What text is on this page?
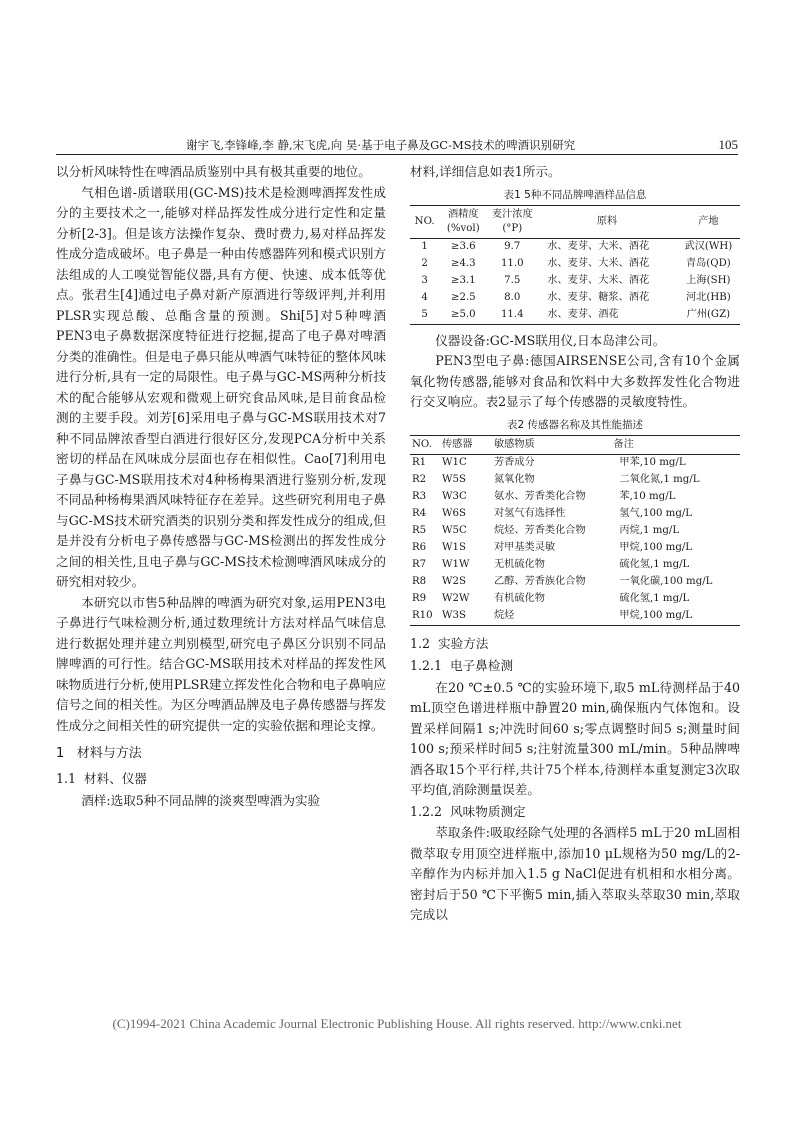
谢宇飞,李锋峰,李 静,宋飞虎,向 昊·基于电子鼻及GC-MS技术的啤酒识别研究	105

以分析风味特性在啤酒品质鉴别中具有极其重要的地位。

气相色谱-质谱联用(GC-MS)技术是检测啤酒挥发性成分的主要技术之一,能够对样品挥发性成分进行定性和定量分析[2-3]。但是该方法操作复杂、费时费力,易对样品挥发性成分造成破坏。电子鼻是一种由传感器阵列和模式识别方法组成的人工嗅觉智能仪器,具有方便、快速、成本低等优点。张君生[4]通过电子鼻对新产原酒进行等级评判,并利用PLSR实现总酸、总酯含量的预测。Shi[5]对5种啤酒PEN3电子鼻数据深度特征进行挖掘,提高了电子鼻对啤酒分类的准确性。但是电子鼻只能从啤酒气味特征的整体风味进行分析,具有一定的局限性。电子鼻与GC-MS两种分析技术的配合能够从宏观和微观上研究食品风味,是目前食品检测的主要手段。刘芳[6]采用电子鼻与GC-MS联用技术对7种不同品牌浓香型白酒进行很好区分,发现PCA分析中关系密切的样品在风味成分层面也存在相似性。Cao[7]利用电子鼻与GC-MS联用技术对4种杨梅果酒进行鉴别分析,发现不同品种杨梅果酒风味特征存在差异。这些研究利用电子鼻与GC-MS技术研究酒类的识别分类和挥发性成分的组成,但是并没有分析电子鼻传感器与GC-MS检测出的挥发性成分之间的相关性,且电子鼻与GC-MS技术检测啤酒风味成分的研究相对较少。

本研究以市售5种品牌的啤酒为研究对象,运用PEN3电子鼻进行气味检测分析,通过数理统计方法对样品气味信息进行数据处理并建立判别模型,研究电子鼻区分识别不同品牌啤酒的可行性。结合GC-MS联用技术对样品的挥发性风味物质进行分析,使用PLSR建立挥发性化合物和电子鼻响应信号之间的相关性。为区分啤酒品牌及电子鼻传感器与挥发性成分之间相关性的研究提供一定的实验依据和理论支撑。

1 材料与方法
1.1 材料、仪器

酒样:选取5种不同品牌的淡爽型啤酒为实验

材料,详细信息如表1所示。

表1 5种不同品牌啤酒样品信息
NO.	酒精度 (%vol)	麦汁浓度 (°P)	原料	产地
1	≥3.6	9.7	水、麦芽、大米、酒花	武汉(WH)
2	≥4.3	11.0	水、麦芽、大米、酒花	青岛(QD)
3	≥3.1	7.5	水、麦芽、大米、酒花	上海(SH)
4	≥2.5	8.0	水、麦芽、糖浆、酒花	河北(HB)
5	≥5.0	11.4	水、麦芽、酒花	广州(GZ)

仪器设备:GC-MS联用仪,日本岛津公司。

PEN3型电子鼻:德国AIRSENSE公司,含有10个金属氧化物传感器,能够对食品和饮料中大多数挥发性化合物进行交叉响应。表2显示了每个传感器的灵敏度特性。

表2 传感器名称及其性能描述
NO.	传感器	敏感物质	备注
R1	W1C	芳香成分	甲苯,10 mg/L
R2	W5S	氮氧化物	二氧化氮,1 mg/L
R3	W3C	氨水、芳香类化合物	苯,10 mg/L
R4	W6S	对氢气有选择性	氢气,100 mg/L
R5	W5C	烷烃、芳香类化合物	丙烷,1 mg/L
R6	W1S	对甲基类灵敏	甲烷,100 mg/L
R7	W1W	无机硫化物	硫化氢,1 mg/L
R8	W2S	乙醇、芳香族化合物	一氧化碳,100 mg/L
R9	W2W	有机硫化物	硫化氢,1 mg/L
R10	W3S	烷烃	甲烷,100 mg/L
1.2 实验方法
1.2.1 电子鼻检测

在20 ℃±0.5 ℃的实验环境下,取5 mL待测样品于40 mL顶空色谱进样瓶中静置20 min,确保瓶内气体饱和。设置采样间隔1 s;冲洗时间60 s;零点调整时间5 s;测量时间100 s;预采样时间5 s;注射流量300 mL/min。5种品牌啤酒各取15个平行样,共计75个样本,待测样本重复测定3次取平均值,消除测量误差。

1.2.2 风味物质测定

萃取条件:吸取经除气处理的各酒样5 mL于20 mL固相微萃取专用顶空进样瓶中,添加10 μL规格为50 mg/L的2-辛醇作为内标并加入1.5 g NaCl促进有机相和水相分离。密封后于50 ℃下平衡5 min,插入萃取头萃取30 min,萃取完成以

(C)1994-2021 China Academic Journal Electronic Publishing House. All rights reserved. http://www.cnki.net
